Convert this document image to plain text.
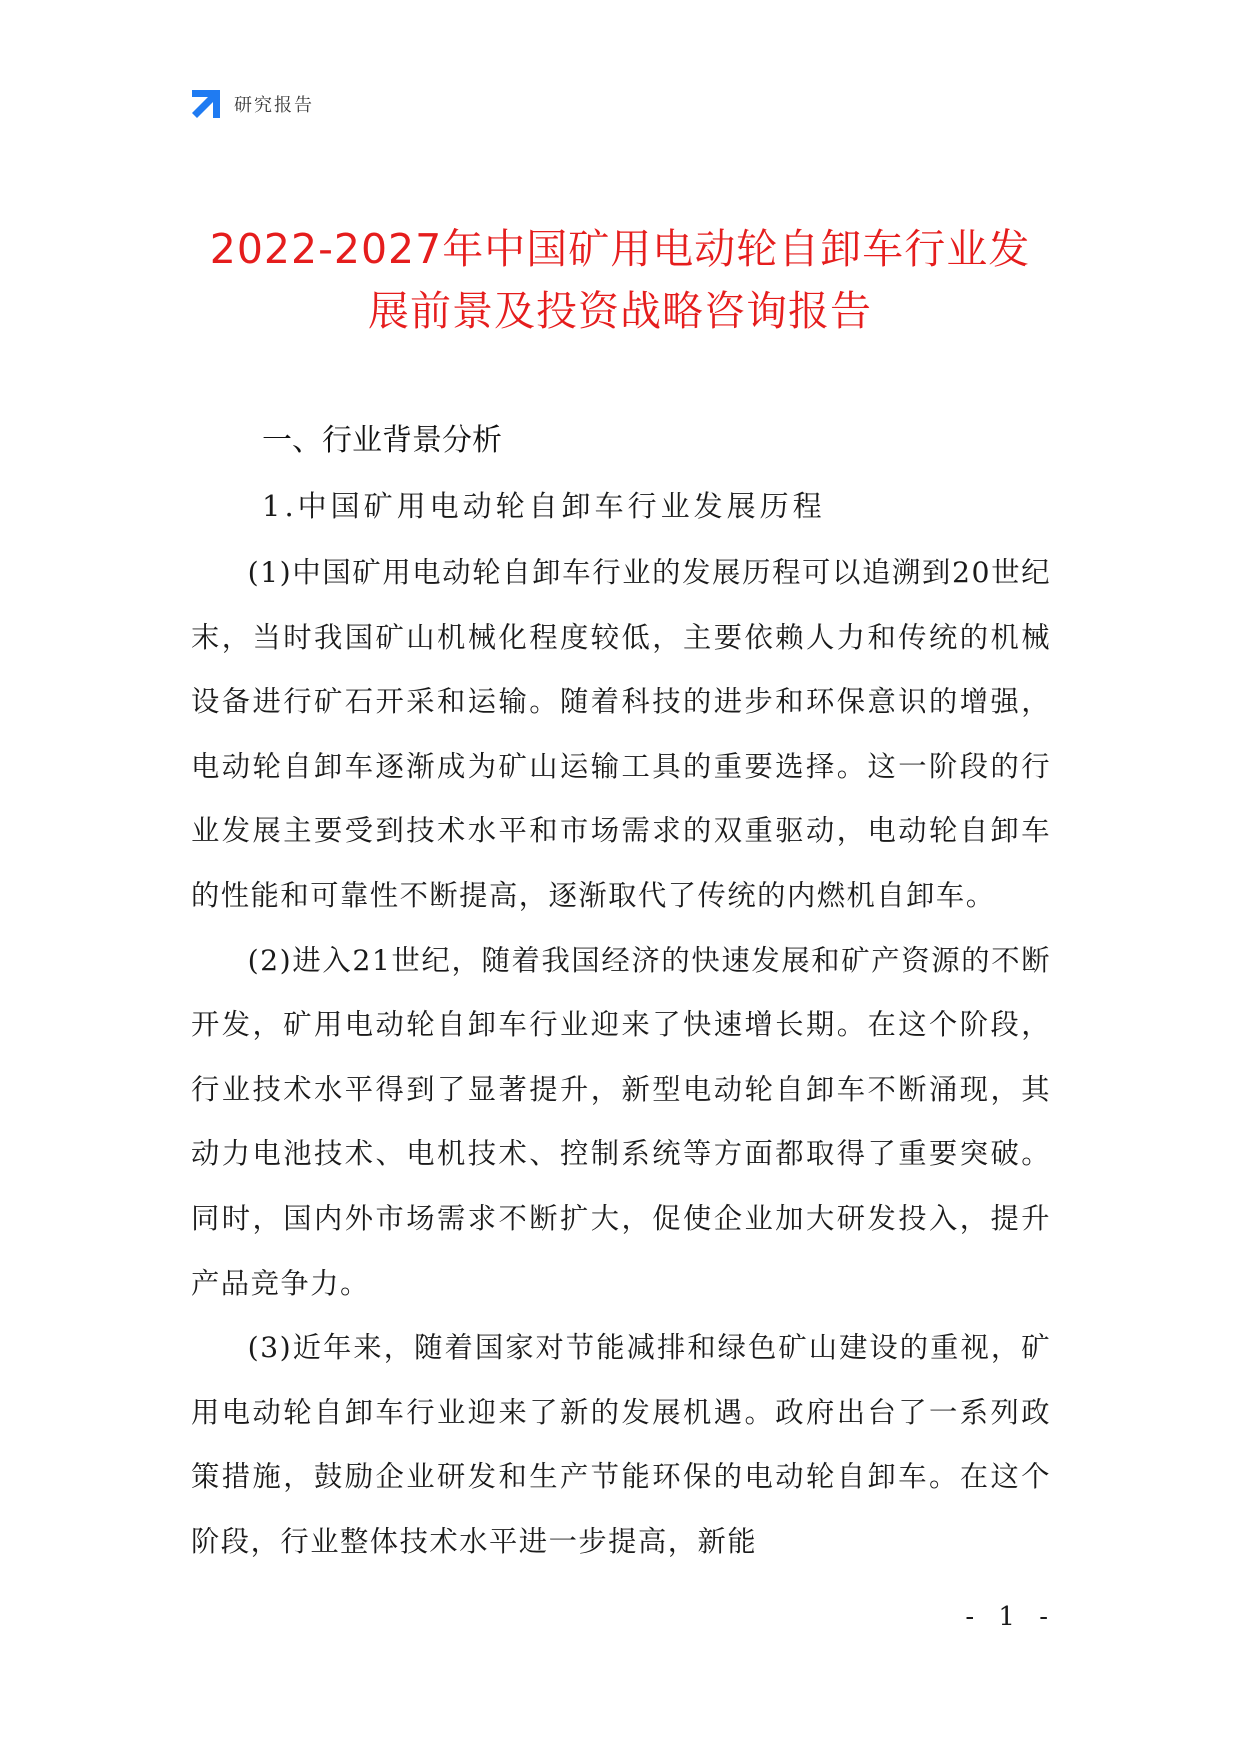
研究报告
2022-2027年中国矿用电动轮自卸车行业发
展前景及投资战略咨询报告
一、行业背景分析
1.中国矿用电动轮自卸车行业发展历程

(1)中国矿用电动轮自卸车行业的发展历程可以追溯到20世纪末，当时我国矿山机械化程度较低，主要依赖人力和传统的机械设备进行矿石开采和运输。随着科技的进步和环保意识的增强，电动轮自卸车逐渐成为矿山运输工具的重要选择。这一阶段的行业发展主要受到技术水平和市场需求的双重驱动，电动轮自卸车的性能和可靠性不断提高，逐渐取代了传统的内燃机自卸车。

(2)进入21世纪，随着我国经济的快速发展和矿产资源的不断开发，矿用电动轮自卸车行业迎来了快速增长期。在这个阶段，行业技术水平得到了显著提升，新型电动轮自卸车不断涌现，其动力电池技术、电机技术、控制系统等方面都取得了重要突破。同时，国内外市场需求不断扩大，促使企业加大研发投入，提升产品竞争力。

(3)近年来，随着国家对节能减排和绿色矿山建设的重视，矿用电动轮自卸车行业迎来了新的发展机遇。政府出台了一系列政策措施，鼓励企业研发和生产节能环保的电动轮自卸车。在这个阶段，行业整体技术水平进一步提高，新能

- 1 -
